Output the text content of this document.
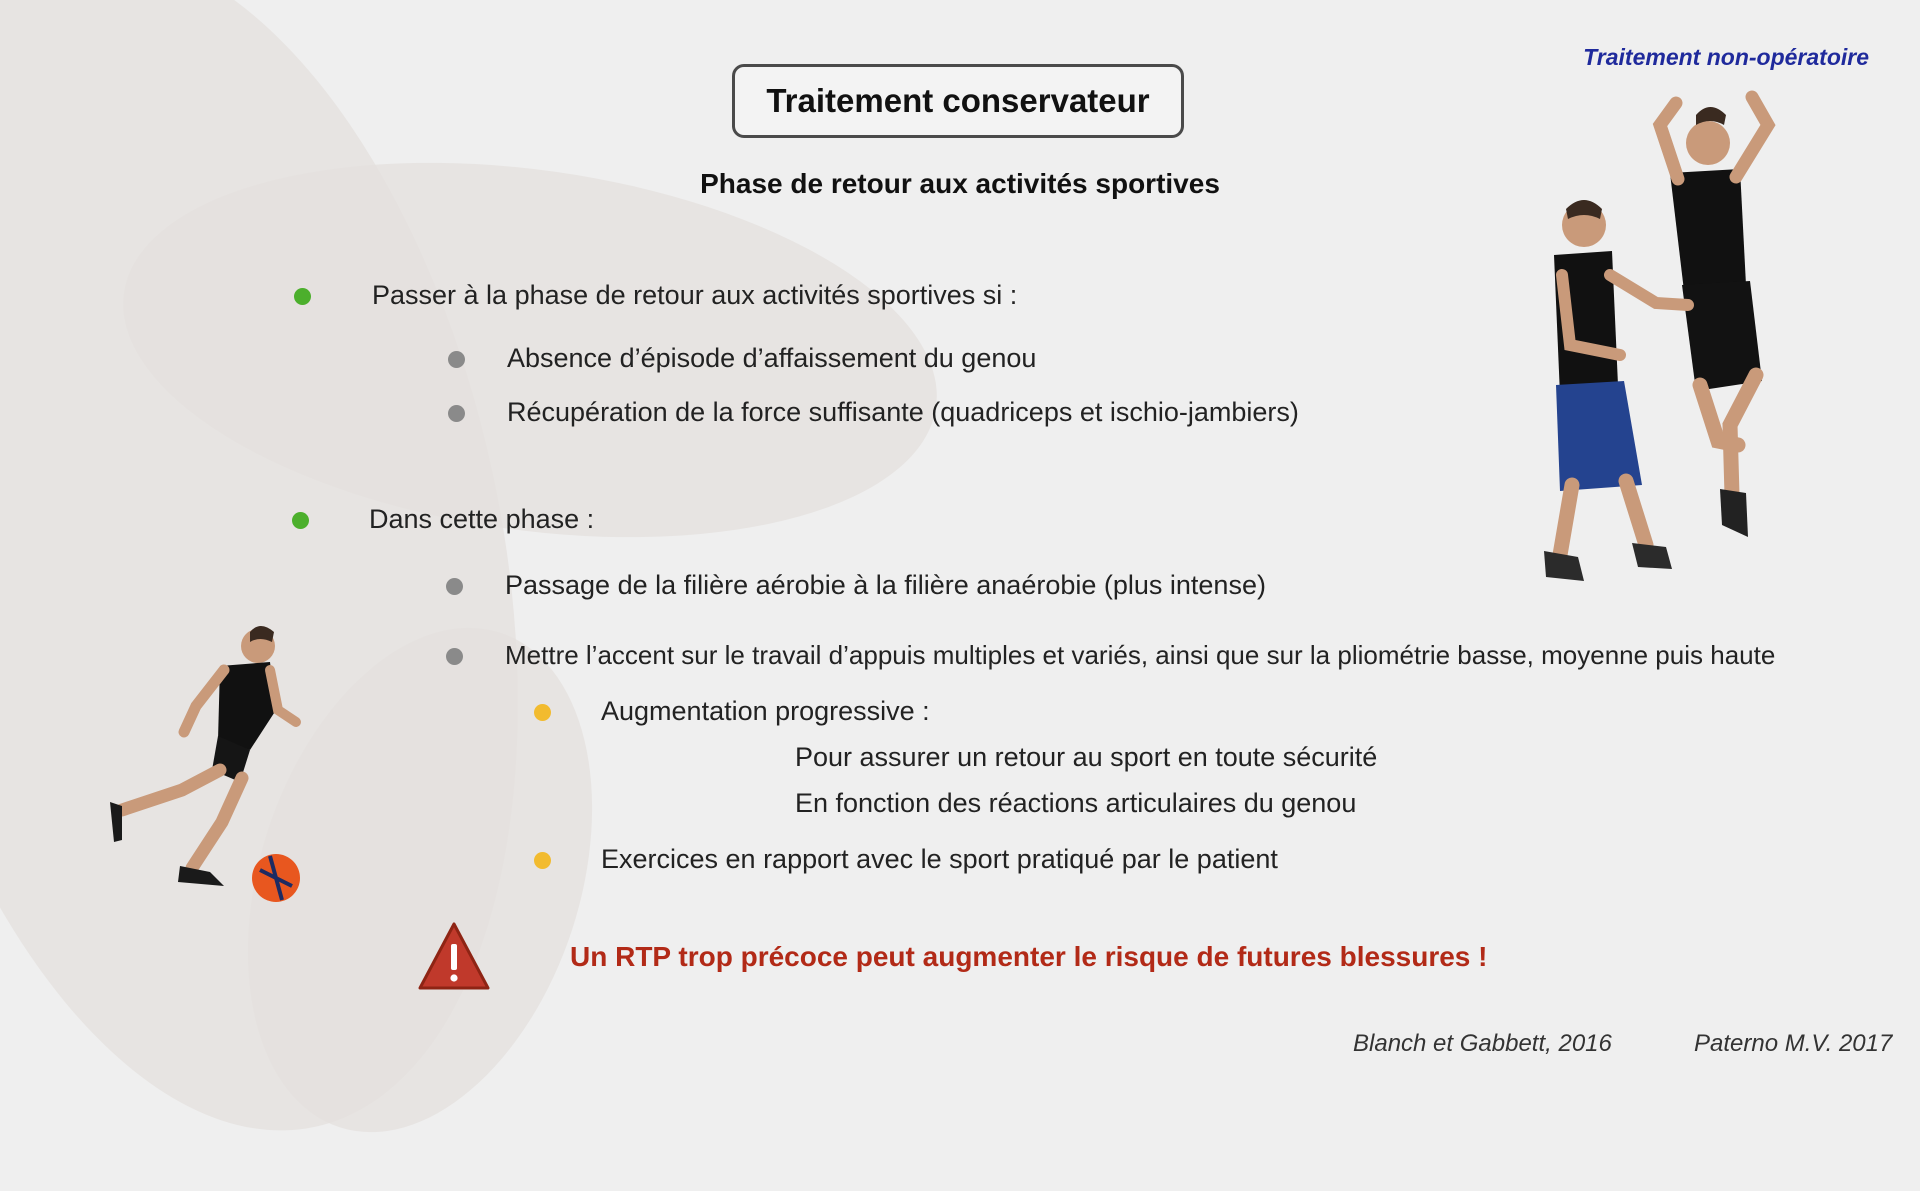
Traitement conservateur
Phase de retour aux activités sportives
Traitement non-opératoire
Passer à la phase de retour aux activités sportives si :
Absence d’épisode d’affaissement du genou
Récupération de la force suffisante (quadriceps et ischio-jambiers)
Dans cette phase :
Passage de la filière aérobie à la filière anaérobie (plus intense)
Mettre l’accent sur le travail d’appuis multiples et variés, ainsi que sur la pliométrie basse, moyenne puis haute
Augmentation progressive :
Pour assurer un retour au sport en toute sécurité
En fonction des réactions articulaires du genou
Exercices en rapport avec le sport pratiqué par le patient
Un RTP trop précoce peut augmenter le risque de futures blessures !
Blanch et Gabbett, 2016	Paterno M.V. 2017
